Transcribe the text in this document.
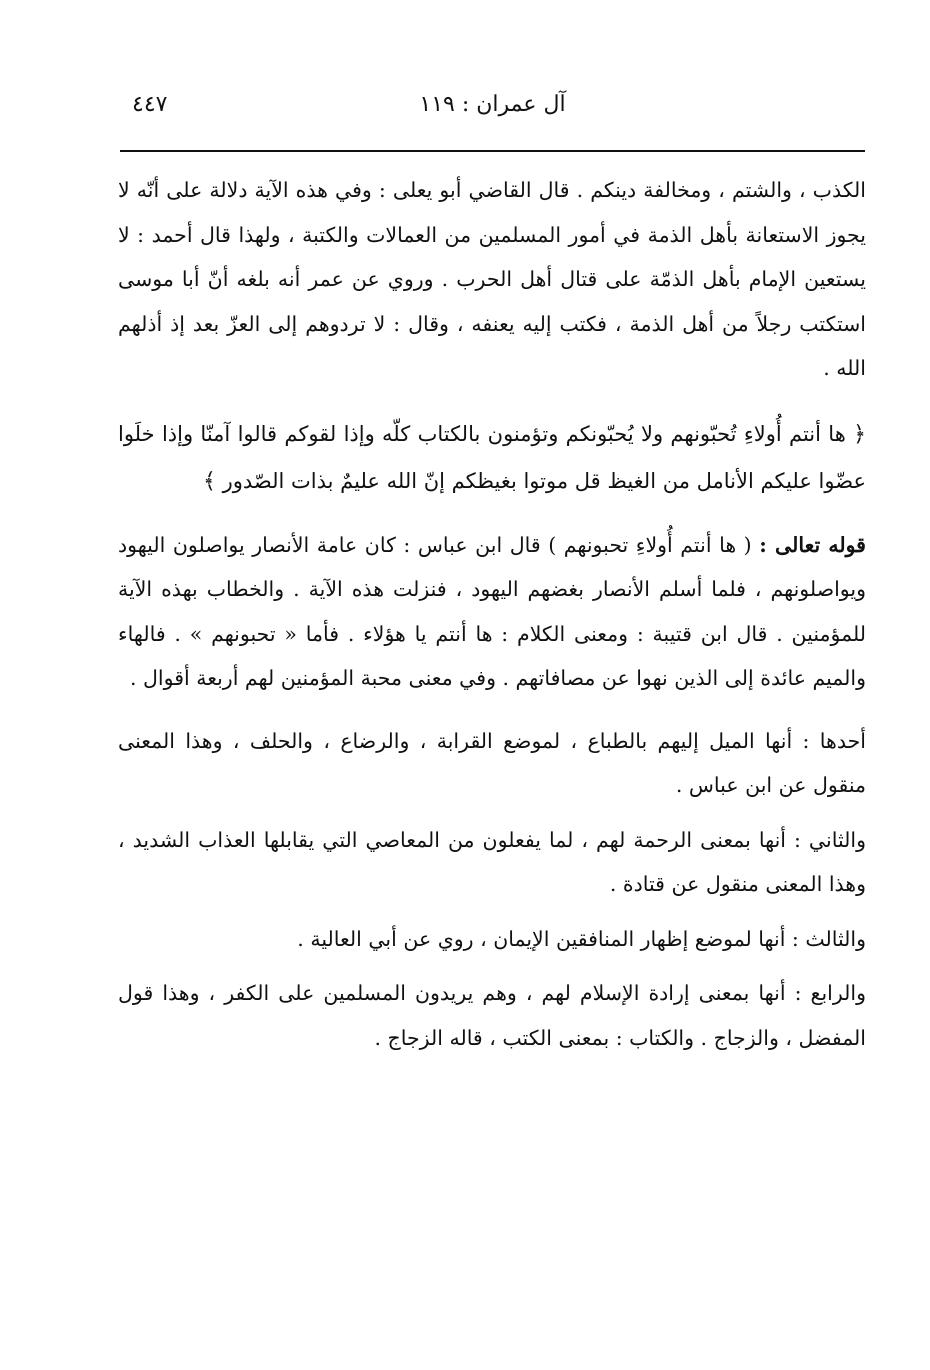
٤٤٧	آل عمران : ١١٩

الكذب ، والشتم ، ومخالفة دينكم . قال القاضي أبو يعلى : وفي هذه الآية دلالة على أنّه لا يجوز الاستعانة بأهل الذمة في أمور المسلمين من العمالات والكتبة ، ولهذا قال أحمد : لا يستعين الإمام بأهل الذمّة على قتال أهل الحرب . وروي عن عمر أنه بلغه أنّ أبا موسى استكتب رجلاً من أهل الذمة ، فكتب إليه يعنفه ، وقال : لا تردوهم إلى العزّ بعد إذ أذلهم الله .

﴿ ها أنتم أُولاءِ تُحبّونهم ولا يُحبّونكم وتؤمنون بالكتاب كلّه وإذا لقوكم قالوا آمنّا وإذا خلَوا عضّوا عليكم الأنامل من الغيظ قل موتوا بغيظكم إنّ الله عليمٌ بذات الصّدور ﴾

قوله تعالى : ( ها أنتم أُولاءِ تحبونهم ) قال ابن عباس : كان عامة الأنصار يواصلون اليهود ويواصلونهم ، فلما أسلم الأنصار بغضهم اليهود ، فنزلت هذه الآية . والخطاب بهذه الآية للمؤمنين . قال ابن قتيبة : ومعنى الكلام : ها أنتم يا هؤلاء . فأما « تحبونهم » . فالهاء والميم عائدة إلى الذين نهوا عن مصافاتهم . وفي معنى محبة المؤمنين لهم أربعة أقوال .

أحدها : أنها الميل إليهم بالطباع ، لموضع القرابة ، والرضاع ، والحلف ، وهذا المعنى منقول عن ابن عباس .

والثاني : أنها بمعنى الرحمة لهم ، لما يفعلون من المعاصي التي يقابلها العذاب الشديد ، وهذا المعنى منقول عن قتادة .

والثالث : أنها لموضع إظهار المنافقين الإيمان ، روي عن أبي العالية .

والرابع : أنها بمعنى إرادة الإسلام لهم ، وهم يريدون المسلمين على الكفر ، وهذا قول المفضل ، والزجاج . والكتاب : بمعنى الكتب ، قاله الزجاج .
